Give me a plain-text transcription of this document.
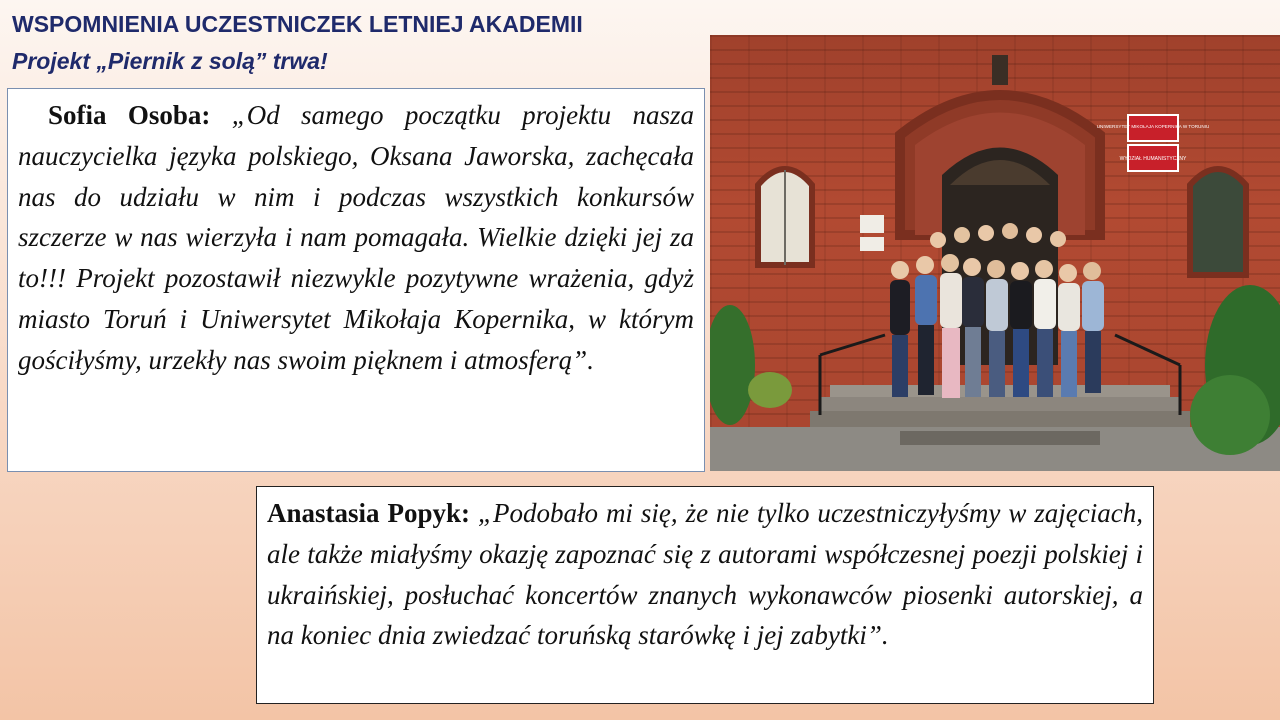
WSPOMNIENIA UCZESTNICZEK LETNIEJ AKADEMII
Projekt „Piernik z solą” trwa!
Sofia Osoba: „Od samego początku projektu nasza nauczycielka języka polskiego, Oksana Jaworska, zachęcała nas do udziału w nim i podczas wszystkich konkursów szczerze w nas wierzyła i nam pomagała. Wielkie dzięki jej za to!!! Projekt pozostawił niezwykle pozytywne wrażenia, gdyż miasto Toruń i Uniwersytet Mikołaja Kopernika, w którym gościłyśmy, urzekły nas swoim pięknem i atmosferą”.
UNIWERSYTET MIKOŁAJA KOPERNIKA W TORUNIU
WYDZIAŁ HUMANISTYCZNY
Anastasia Popyk: „Podobało mi się, że nie tylko uczestniczyłyśmy w zajęciach, ale także miałyśmy okazję zapoznać się z autorami współczesnej poezji polskiej i ukraińskiej, posłuchać koncertów znanych wykonawców piosenki autorskiej, a na koniec dnia zwiedzać toruńską starówkę i jej zabytki”.
